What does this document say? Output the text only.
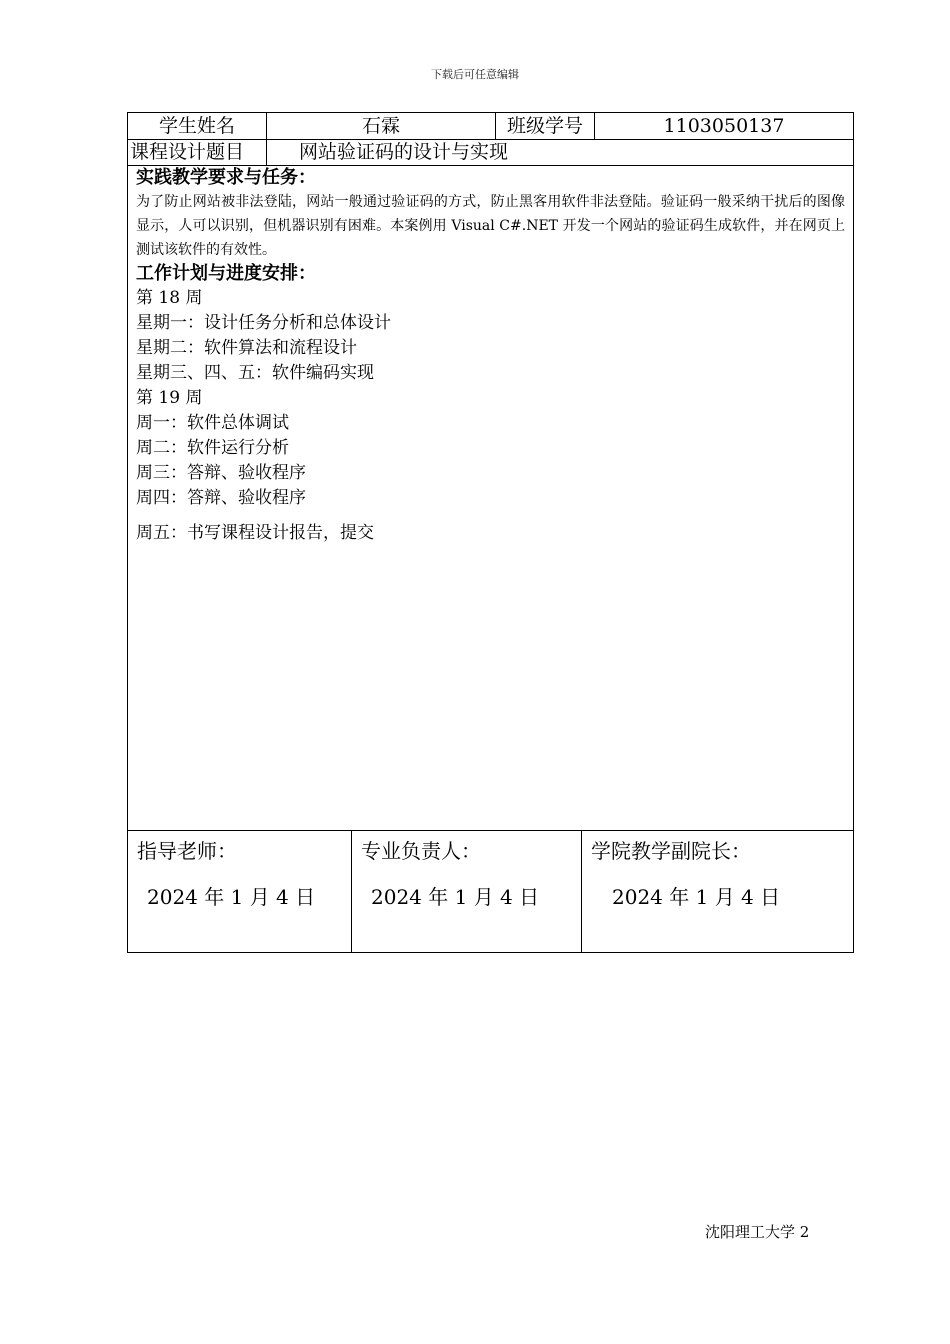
下载后可任意编辑
学生姓名	石霖	班级学号	1103050137
课程设计题目	网站验证码的设计与实现

实践教学要求与任务：

为了防止网站被非法登陆，网站一般通过验证码的方式，防止黑客用软件非法登陆。验证码一般采纳干扰后的图像显示，人可以识别，但机器识别有困难。本案例用 Visual C#.NET 开发一个网站的验证码生成软件，并在网页上测试该软件的有效性。

工作计划与进度安排：

第 18 周

星期一：设计任务分析和总体设计

星期二：软件算法和流程设计

星期三、四、五：软件编码实现

第 19 周

周一：软件总体调试

周二：软件运行分析

周三：答辩、验收程序

周四：答辩、验收程序

周五：书写课程设计报告，提交

指导老师：
2024 年 1 月 4 日
专业负责人：
2024 年 1 月 4 日
学院教学副院长：
2024 年 1 月 4 日
沈阳理工大学 2
